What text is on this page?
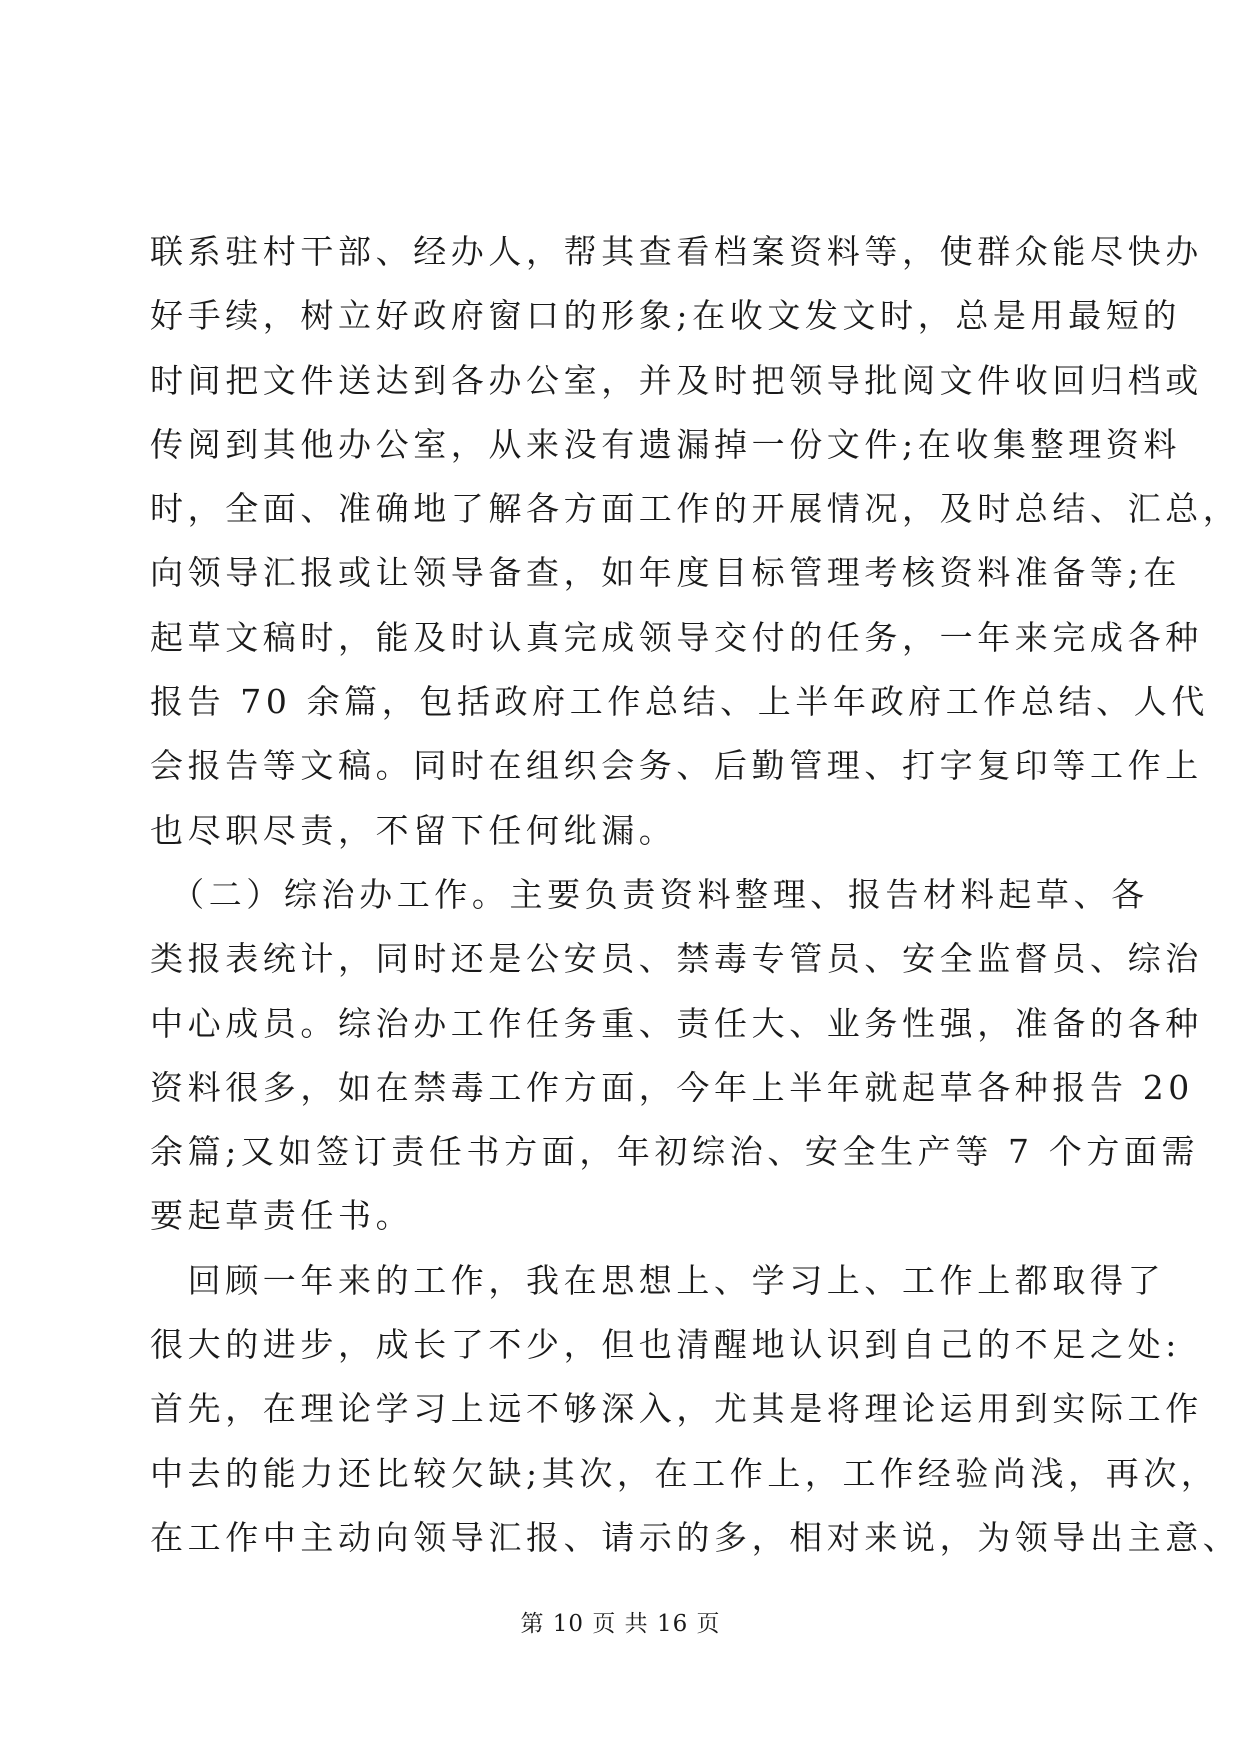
联系驻村干部、经办人，帮其查看档案资料等，使群众能尽快办
好手续，树立好政府窗口的形象;在收文发文时，总是用最短的
时间把文件送达到各办公室，并及时把领导批阅文件收回归档或
传阅到其他办公室，从来没有遗漏掉一份文件;在收集整理资料
时，全面、准确地了解各方面工作的开展情况，及时总结、汇总，
向领导汇报或让领导备查，如年度目标管理考核资料准备等;在
起草文稿时，能及时认真完成领导交付的任务，一年来完成各种
报告 70 余篇，包括政府工作总结、上半年政府工作总结、人代
会报告等文稿。同时在组织会务、后勤管理、打字复印等工作上
也尽职尽责，不留下任何纰漏。
　（二）综治办工作。主要负责资料整理、报告材料起草、各
类报表统计，同时还是公安员、禁毒专管员、安全监督员、综治
中心成员。综治办工作任务重、责任大、业务性强，准备的各种
资料很多，如在禁毒工作方面，今年上半年就起草各种报告 20
余篇;又如签订责任书方面，年初综治、安全生产等 7 个方面需
要起草责任书。
　回顾一年来的工作，我在思想上、学习上、工作上都取得了
很大的进步，成长了不少，但也清醒地认识到自己的不足之处:
首先，在理论学习上远不够深入，尤其是将理论运用到实际工作
中去的能力还比较欠缺;其次，在工作上，工作经验尚浅，再次，
在工作中主动向领导汇报、请示的多，相对来说，为领导出主意、
第 10 页 共 16 页
